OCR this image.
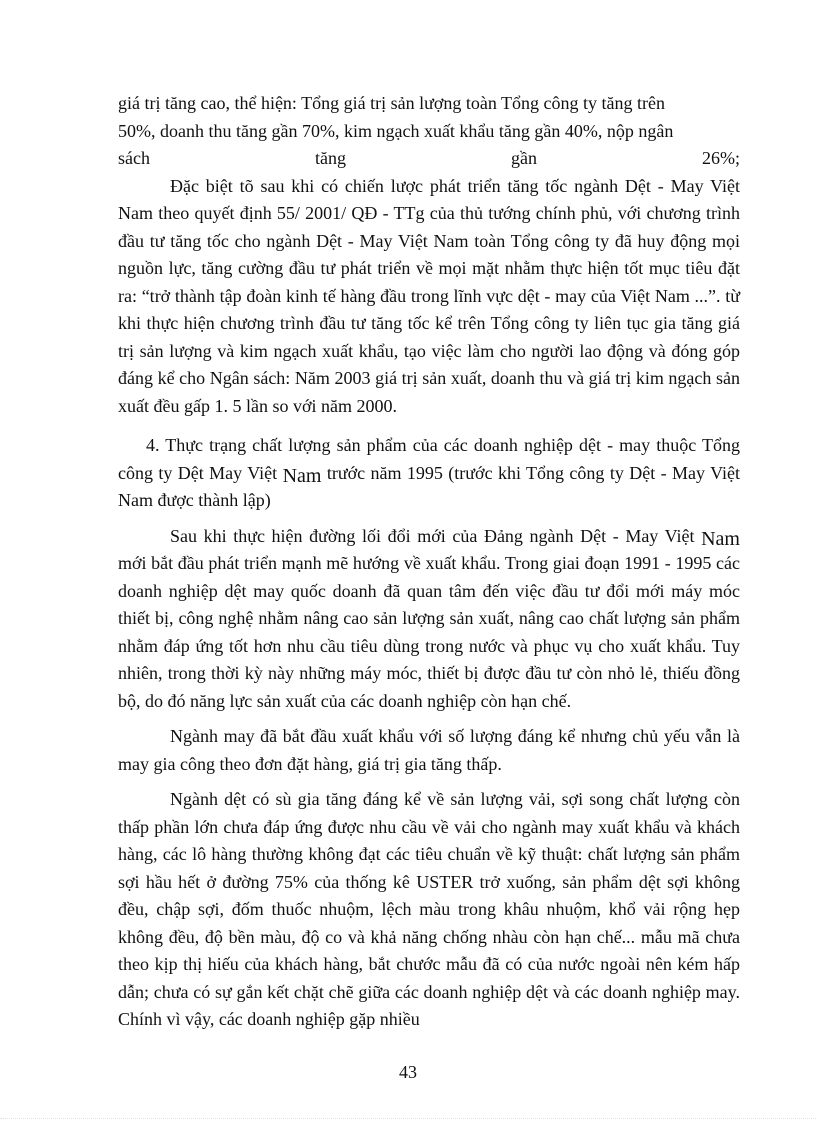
giá trị tăng cao, thể hiện: Tổng giá trị sản lượng toàn Tổng công ty tăng trên
50%, doanh thu tăng gần 70%, kim ngạch xuất khẩu tăng gần 40%, nộp ngân

sách	tăng	gần	26%;

Đặc biệt tõ sau khi có chiến lược phát triển tăng tốc ngành Dệt - May Việt Nam theo quyết định 55/ 2001/ QĐ - TTg của thủ tướng chính phủ, với chương trình đầu tư tăng tốc cho ngành Dệt - May Việt Nam toàn Tổng công ty đã huy động mọi nguồn lực, tăng cường đầu tư phát triển về mọi mặt nhằm thực hiện tốt mục tiêu đặt ra: “trở thành tập đoàn kinh tế hàng đầu trong lĩnh vực dệt - may của Việt Nam ...”. từ khi thực hiện chương trình đầu tư tăng tốc kể trên Tổng công ty liên tục gia tăng giá trị sản lượng và kim ngạch xuất khẩu, tạo việc làm cho người lao động và đóng góp đáng kể cho Ngân sách: Năm 2003 giá trị sản xuất, doanh thu và giá trị kim ngạch sản xuất đều gấp 1. 5 lần so với năm 2000.

4. Thực trạng chất lượng sản phẩm của các doanh nghiệp dệt - may thuộc Tổng công ty Dệt May Việt Nam trước năm 1995 (trước khi Tổng công ty Dệt - May Việt Nam được thành lập)

Sau khi thực hiện đường lối đổi mới của Đảng ngành Dệt - May Việt Nam mới bắt đầu phát triển mạnh mẽ hướng về xuất khẩu. Trong giai đoạn 1991 - 1995 các doanh nghiệp dệt may quốc doanh đã quan tâm đến việc đầu tư đổi mới máy móc thiết bị, công nghệ nhằm nâng cao sản lượng sản xuất, nâng cao chất lượng sản phẩm nhằm đáp ứng tốt hơn nhu cầu tiêu dùng trong nước và phục vụ cho xuất khẩu. Tuy nhiên, trong thời kỳ này những máy móc, thiết bị được đầu tư còn nhỏ lẻ, thiếu đồng bộ, do đó năng lực sản xuất của các doanh nghiệp còn hạn chế.

Ngành may đã bắt đầu xuất khẩu với số lượng đáng kể nhưng chủ yếu vẫn là may gia công theo đơn đặt hàng, giá trị gia tăng thấp.

Ngành dệt có sù gia tăng đáng kể về sản lượng vải, sợi song chất lượng còn thấp phần lớn chưa đáp ứng được nhu cầu về vải cho ngành may xuất khẩu và khách hàng, các lô hàng thường không đạt các tiêu chuẩn về kỹ thuật: chất lượng sản phẩm sợi hầu hết ở đường 75% của thống kê USTER trở xuống, sản phẩm dệt sợi không đều, chập sợi, đốm thuốc nhuộm, lệch màu trong khâu nhuộm, khổ vải rộng hẹp không đều, độ bền màu, độ co và khả năng chống nhàu còn hạn chế... mẫu mã chưa theo kịp thị hiếu của khách hàng, bắt chước mẫu đã có của nước ngoài nên kém hấp dẫn; chưa có sự gắn kết chặt chẽ giữa các doanh nghiệp dệt và các doanh nghiệp may. Chính vì vậy, các doanh nghiệp gặp nhiều

43
